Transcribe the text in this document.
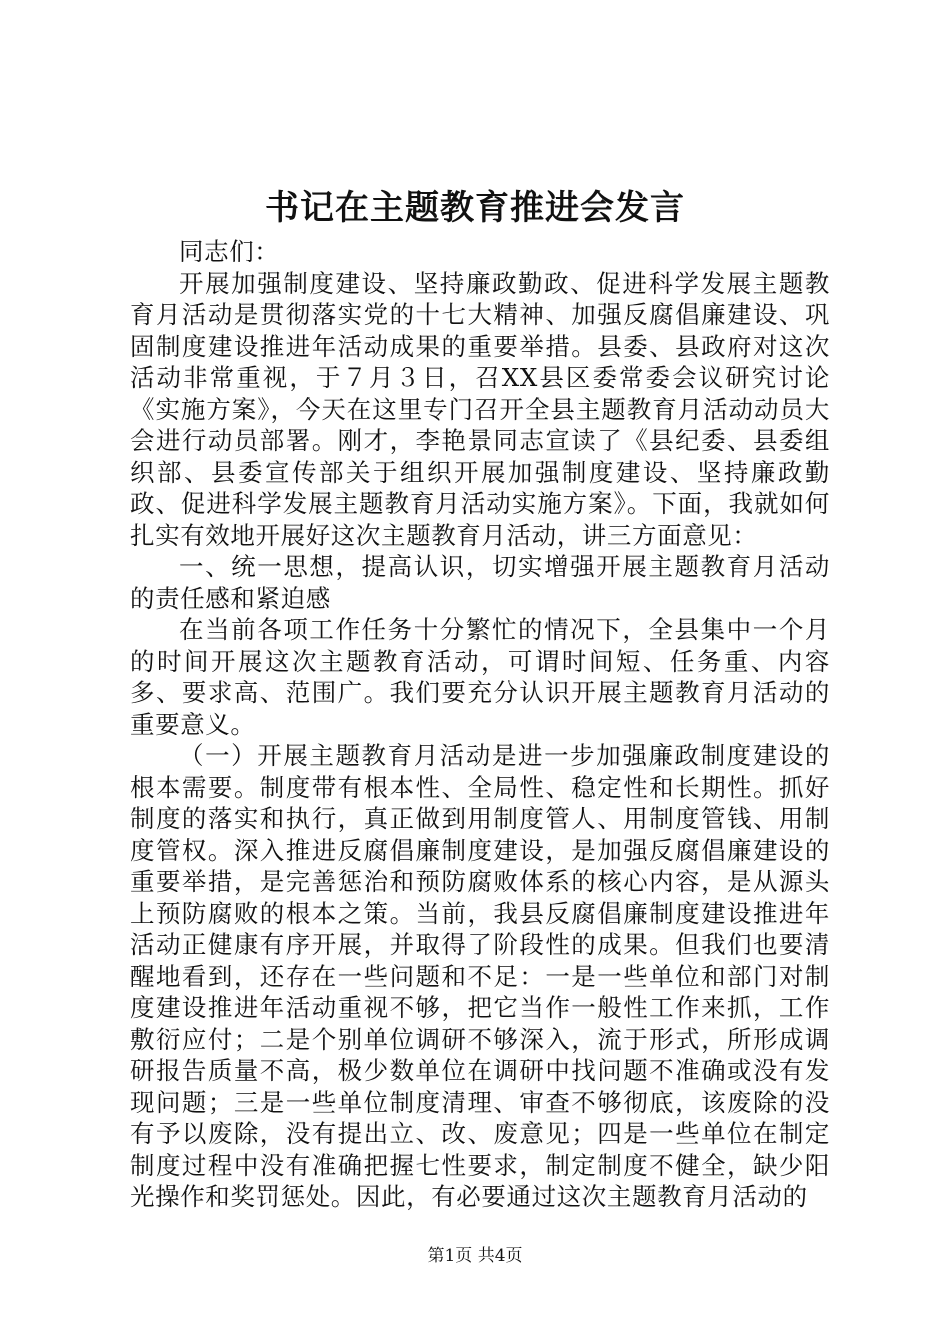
书记在主题教育推进会发言

同志们：

开展加强制度建设、坚持廉政勤政、促进科学发展主题教育月活动是贯彻落实党的十七大精神、加强反腐倡廉建设、巩固制度建设推进年活动成果的重要举措。县委、县政府对这次活动非常重视，于７月３日，召XX县区委常委会议研究讨论《实施方案》，今天在这里专门召开全县主题教育月活动动员大会进行动员部署。刚才，李艳景同志宣读了《县纪委、县委组织部、县委宣传部关于组织开展加强制度建设、坚持廉政勤政、促进科学发展主题教育月活动实施方案》。下面，我就如何扎实有效地开展好这次主题教育月活动，讲三方面意见：

一、统一思想，提高认识，切实增强开展主题教育月活动的责任感和紧迫感

在当前各项工作任务十分繁忙的情况下，全县集中一个月的时间开展这次主题教育活动，可谓时间短、任务重、内容多、要求高、范围广。我们要充分认识开展主题教育月活动的重要意义。

（一）开展主题教育月活动是进一步加强廉政制度建设的根本需要。制度带有根本性、全局性、稳定性和长期性。抓好制度的落实和执行，真正做到用制度管人、用制度管钱、用制度管权。深入推进反腐倡廉制度建设，是加强反腐倡廉建设的重要举措，是完善惩治和预防腐败体系的核心内容，是从源头上预防腐败的根本之策。当前，我县反腐倡廉制度建设推进年活动正健康有序开展，并取得了阶段性的成果。但我们也要清醒地看到，还存在一些问题和不足：一是一些单位和部门对制度建设推进年活动重视不够，把它当作一般性工作来抓，工作敷衍应付；二是个别单位调研不够深入，流于形式，所形成调研报告质量不高，极少数单位在调研中找问题不准确或没有发现问题；三是一些单位制度清理、审查不够彻底，该废除的没有予以废除，没有提出立、改、废意见；四是一些单位在制定制度过程中没有准确把握七性要求，制定制度不健全，缺少阳光操作和奖罚惩处。因此，有必要通过这次主题教育月活动的

第1页 共4页
